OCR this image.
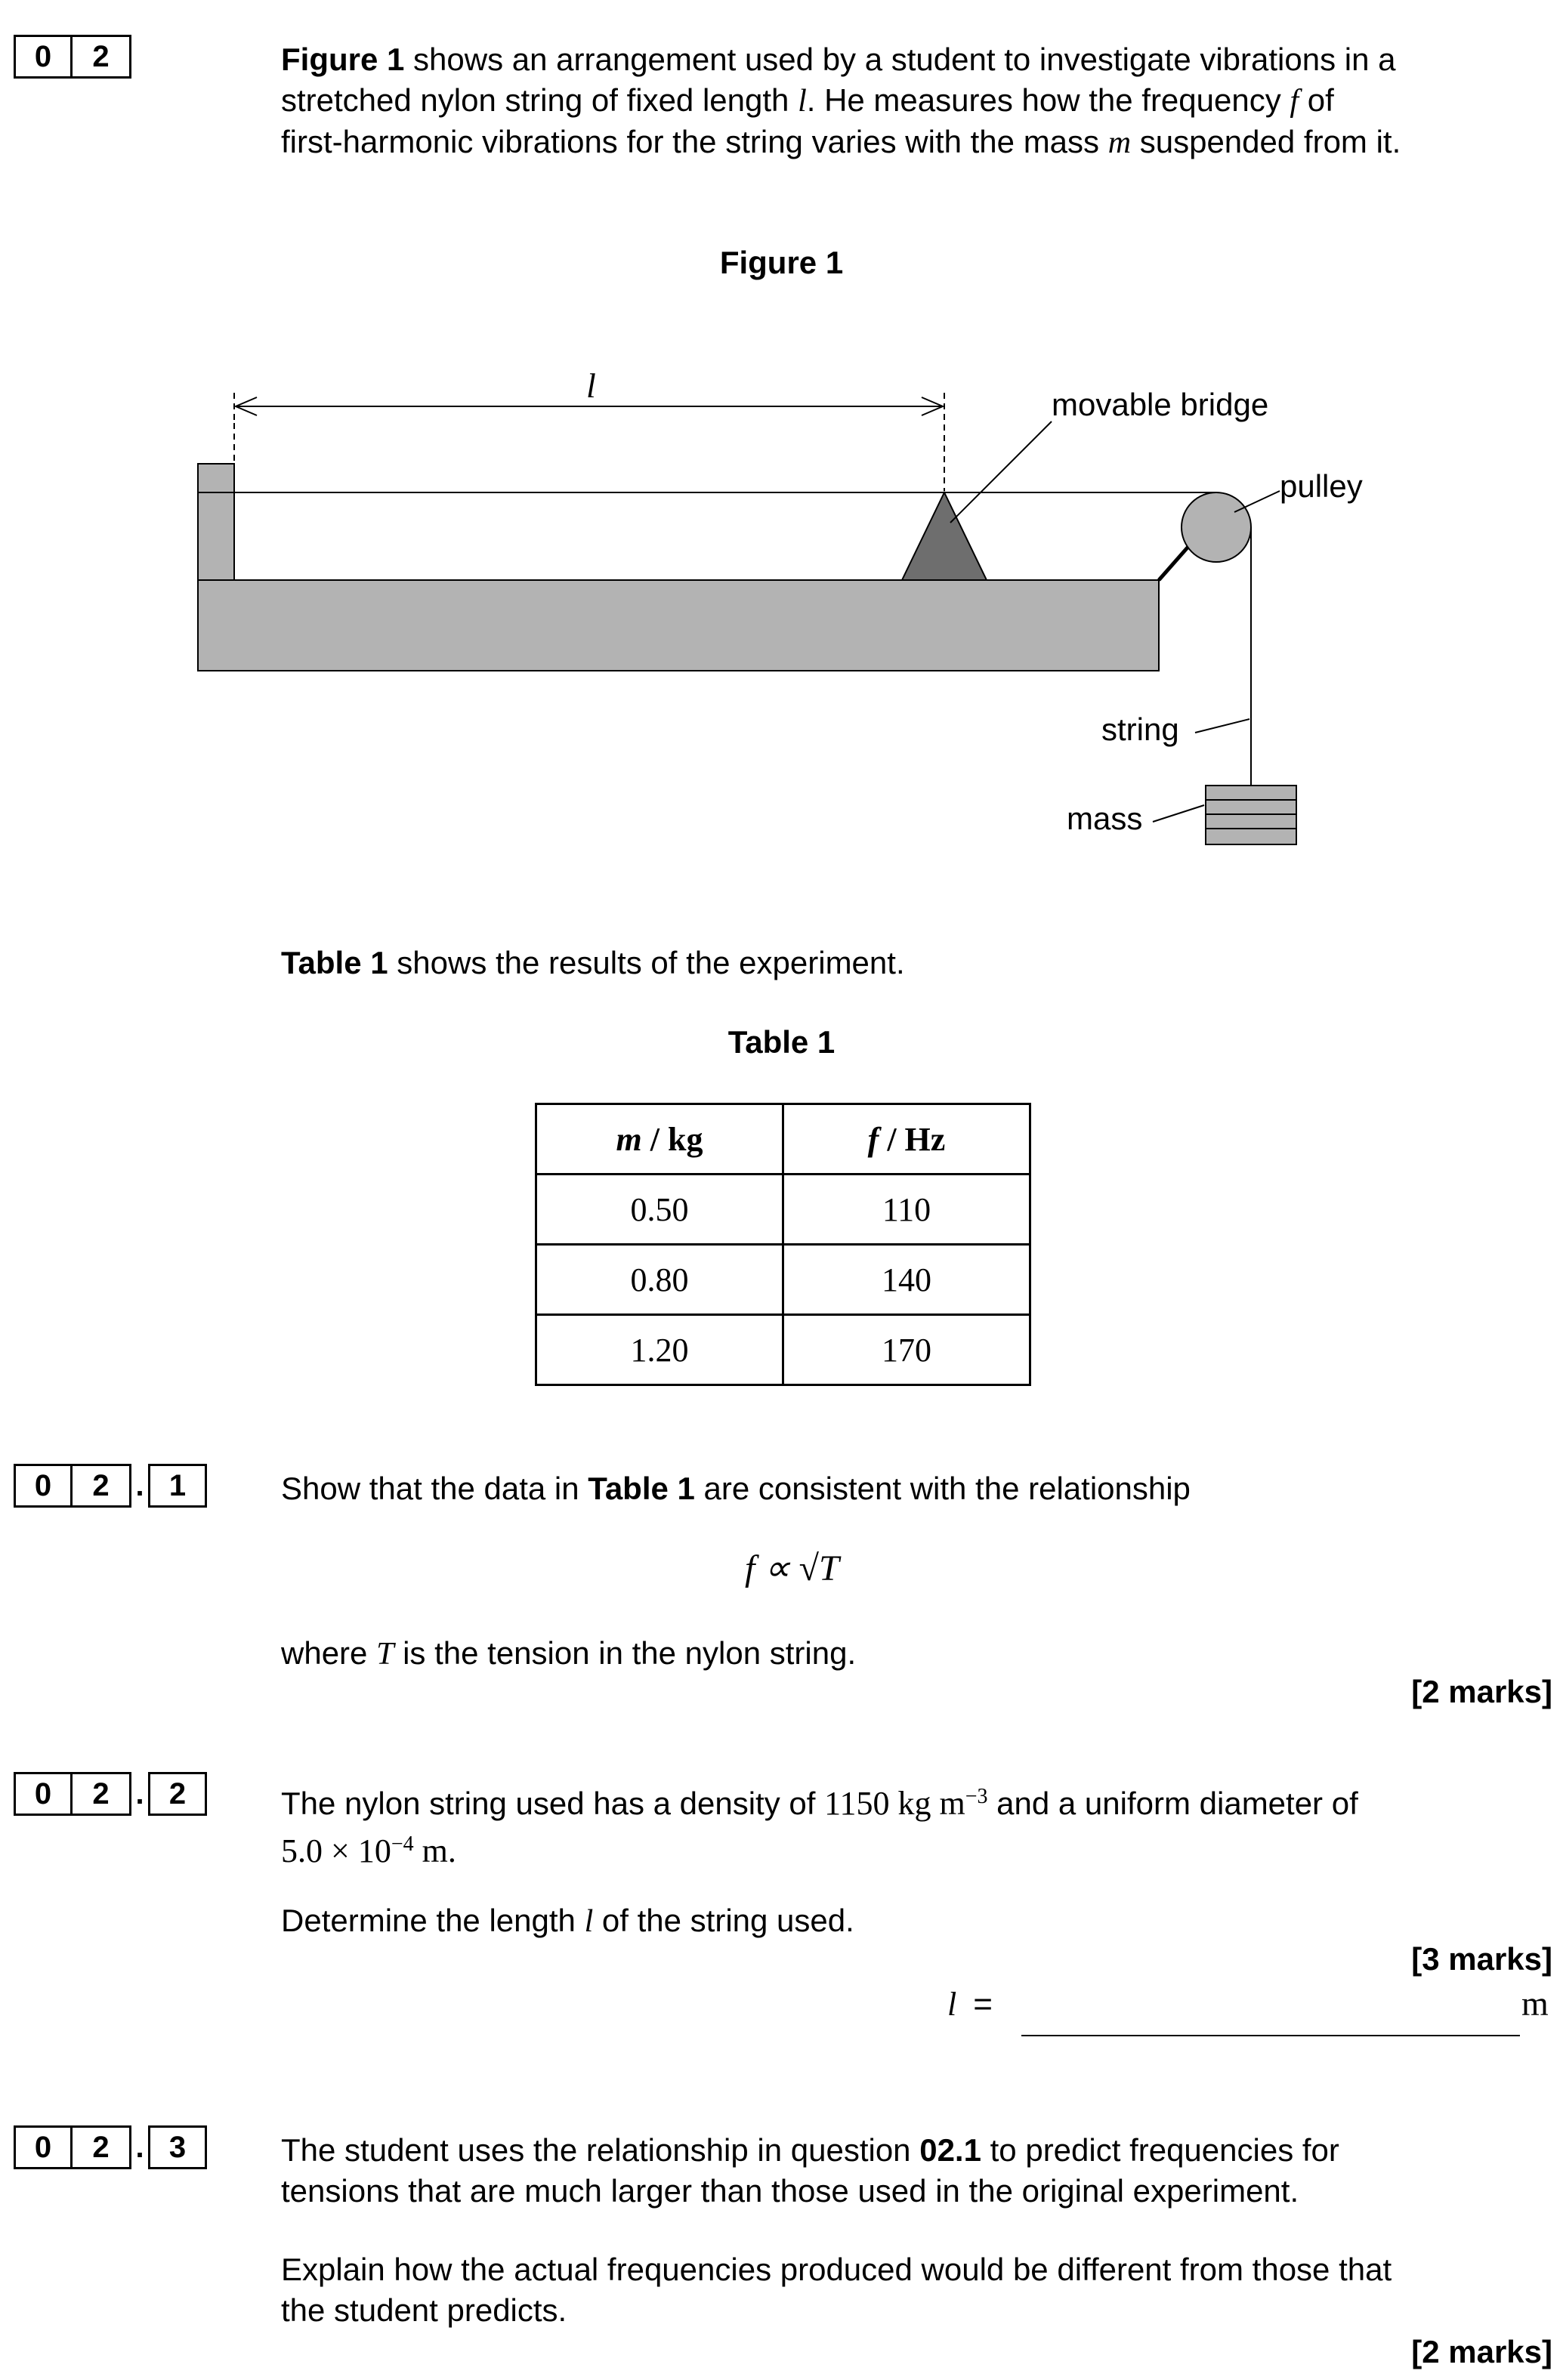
0	2	Figure 1 shows an arrangement used by a student to investigate vibrations in a
stretched nylon string of fixed length l. He measures how the frequency f of
first-harmonic vibrations for the string varies with the mass m suspended from it.
Figure 1
l	movable bridge
pulley
string
mass
Table 1 shows the results of the experiment.
Table 1
m / kg	f / Hz
0.50	110
0.80	140
1.20	170
0	2 . 1	Show that the data in Table 1 are consistent with the relationship
f ∝ √T
where T is the tension in the nylon string.
[2 marks]
0	2 . 2	The nylon string used has a density of 1150 kg $m^{-3}$ and a uniform diameter of
$5.0 \times 10^{-4}$ m.
Determine the length l of the string used.
[3 marks]
l =	m
0	2 . 3	The student uses the relationship in question 02.1 to predict frequencies for
tensions that are much larger than those used in the original experiment.
Explain how the actual frequencies produced would be different from those that
the student predicts.
[2 marks]
